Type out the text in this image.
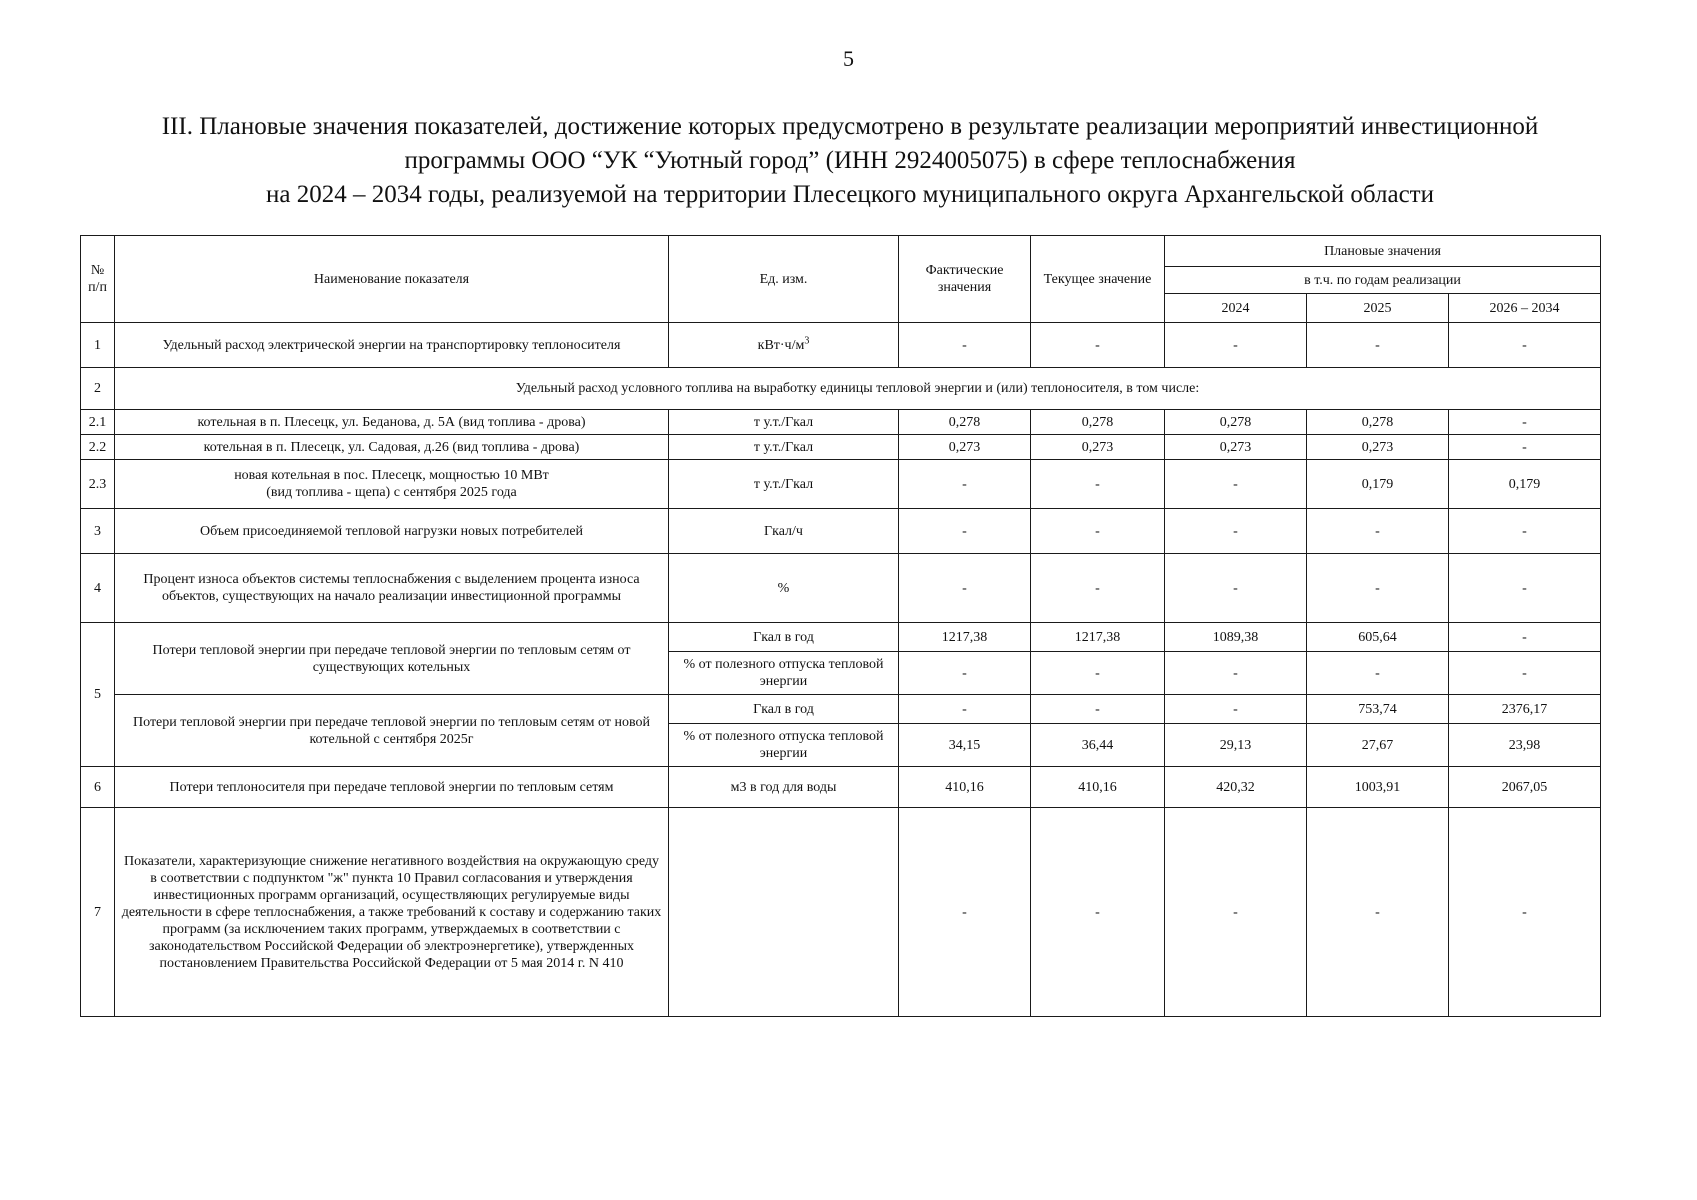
5
III. Плановые значения показателей, достижение которых предусмотрено в результате реализации мероприятий инвестиционной
программы ООО “УК “Уютный город” (ИНН 2924005075) в сфере теплоснабжения
на 2024 – 2034 годы, реализуемой на территории Плесецкого муниципального округа Архангельской области
№ п/п	Наименование показателя	Ед. изм.	Фактические значения	Текущее значение	Плановые значения		
					в т.ч. по годам реализации		
					2024	2025	2026 – 2034
1	Удельный расход электрической энергии на транспортировку теплоносителя	$кВт\cdot ч/м^3$	-	-	-	-	-
2	Удельный расход условного топлива на выработку единицы тепловой энергии и (или) теплоносителя, в том числе:						
2.1	котельная в п. Плесецк, ул. Беданова, д. 5А (вид топлива - дрова)	т у.т./Гкал	0,278	0,278	0,278	0,278	-
2.2	котельная в п. Плесецк, ул. Садовая, д.26 (вид топлива - дрова)	т у.т./Гкал	0,273	0,273	0,273	0,273	-
2.3	новая котельная в пос. Плесецк, мощностью 10 МВт
(вид топлива - щепа) с сентября 2025 года	т у.т./Гкал	-	-	-	0,179	0,179
3	Объем присоединяемой тепловой нагрузки новых потребителей	Гкал/ч	-	-	-	-	-
4	Процент износа объектов системы теплоснабжения с выделением процента износа объектов, существующих на начало реализации инвестиционной программы	%	-	-	-	-	-
5	Потери тепловой энергии при передаче тепловой энергии по тепловым сетям от существующих котельных	Гкал в год	1217,38	1217,38	1089,38	605,64	-
		% от полезного отпуска тепловой энергии	-	-	-	-	-
	Потери тепловой энергии при передаче тепловой энергии по тепловым сетям от новой котельной с сентября 2025г	Гкал в год	-	-	-	753,74	2376,17
		% от полезного отпуска тепловой энергии	34,15	36,44	29,13	27,67	23,98
6	Потери теплоносителя при передаче тепловой энергии по тепловым сетям	м3 в год для воды	410,16	410,16	420,32	1003,91	2067,05
7	Показатели, характеризующие снижение негативного воздействия на окружающую среду в соответствии с подпунктом "ж" пункта 10 Правил согласования и утверждения инвестиционных программ организаций, осуществляющих регулируемые виды деятельности в сфере теплоснабжения, а также требований к составу и содержанию таких программ (за исключением таких программ, утверждаемых в соответствии с законодательством Российской Федерации об электроэнергетике), утвержденных постановлением Правительства Российской Федерации от 5 мая 2014 г. N 410		-	-	-	-	-
